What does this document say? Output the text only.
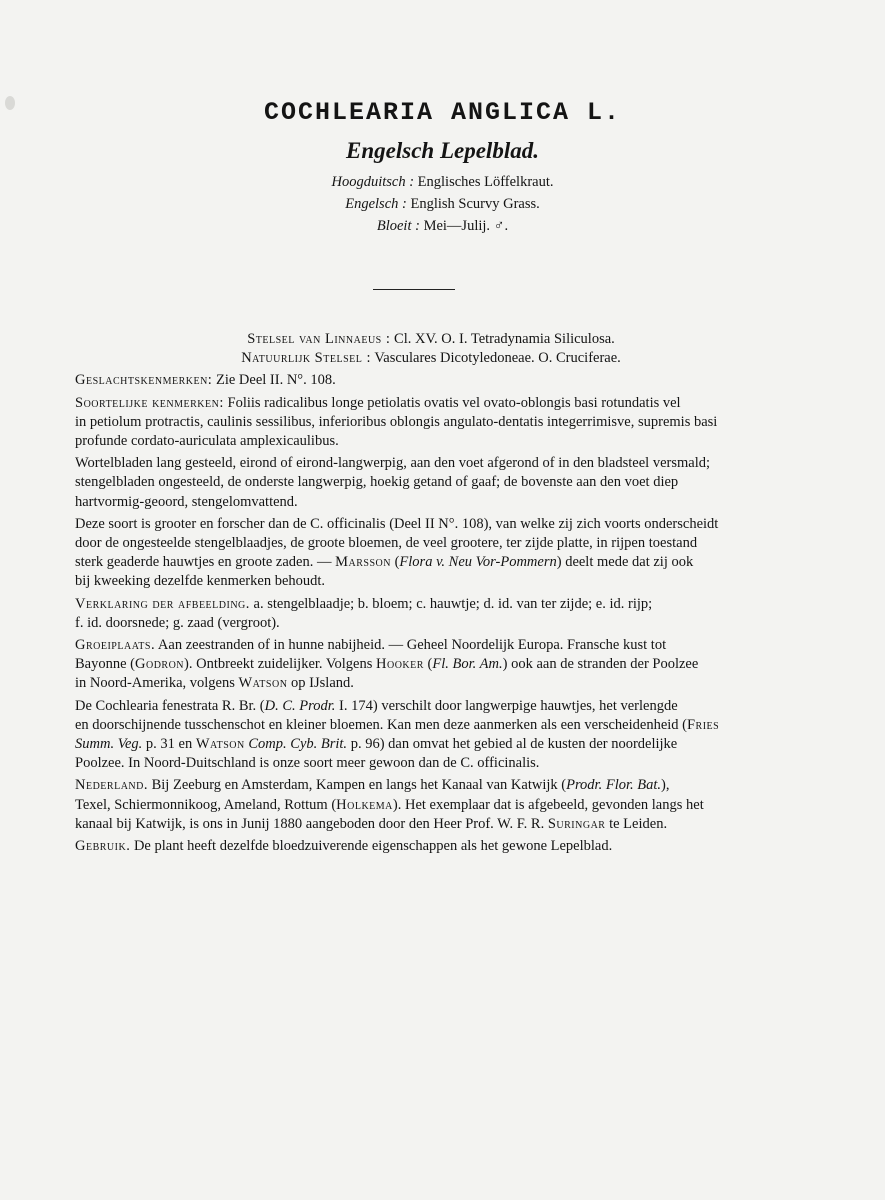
COCHLEARIA ANGLICA L.
Engelsch Lepelblad.
Hoogduitsch : Englisches Löffelkraut.
Engelsch : English Scurvy Grass.
Bloeit : Mei—Julij. ♂.
Stelsel van Linnaeus : Cl. XV. O. I. Tetradynamia Siliculosa.
Natuurlijk Stelsel : Vasculares Dicotyledoneae. O. Cruciferae.
Geslachtskenmerken: Zie Deel II. N°. 108.
Soortelijke kenmerken: Foliis radicalibus longe petiolatis ovatis vel ovato-oblongis basi rotundatis vel
in petiolum protractis, caulinis sessilibus, inferioribus oblongis angulato-dentatis integerrimisve, supremis basi
profunde cordato-auriculata amplexicaulibus.
Wortelbladen lang gesteeld, eirond of eirond-langwerpig, aan den voet afgerond of in den bladsteel versmald;
stengelbladen ongesteeld, de onderste langwerpig, hoekig getand of gaaf; de bovenste aan den voet diep
hartvormig-geoord, stengelomvattend.
Deze soort is grooter en forscher dan de C. officinalis (Deel II N°. 108), van welke zij zich voorts onderscheidt
door de ongesteelde stengelblaadjes, de groote bloemen, de veel grootere, ter zijde platte, in rijpen toestand
sterk geaderde hauwtjes en groote zaden. — Marsson (Flora v. Neu Vor-Pommern) deelt mede dat zij ook
bij kweeking dezelfde kenmerken behoudt.
Verklaring der afbeelding. a. stengelblaadje; b. bloem; c. hauwtje; d. id. van ter zijde; e. id. rijp;
f. id. doorsnede; g. zaad (vergroot).
Groeiplaats. Aan zeestranden of in hunne nabijheid. — Geheel Noordelijk Europa. Fransche kust tot
Bayonne (Godron). Ontbreekt zuidelijker. Volgens Hooker (Fl. Bor. Am.) ook aan de stranden der Poolzee
in Noord-Amerika, volgens Watson op IJsland.
De Cochlearia fenestrata R. Br. (D. C. Prodr. I. 174) verschilt door langwerpige hauwtjes, het verlengde
en doorschijnende tusschenschot en kleiner bloemen. Kan men deze aanmerken als een verscheidenheid (Fries
Summ. Veg. p. 31 en Watson Comp. Cyb. Brit. p. 96) dan omvat het gebied al de kusten der noordelijke
Poolzee. In Noord-Duitschland is onze soort meer gewoon dan de C. officinalis.
Nederland. Bij Zeeburg en Amsterdam, Kampen en langs het Kanaal van Katwijk (Prodr. Flor. Bat.),
Texel, Schiermonnikoog, Ameland, Rottum (Holkema). Het exemplaar dat is afgebeeld, gevonden langs het
kanaal bij Katwijk, is ons in Junij 1880 aangeboden door den Heer Prof. W. F. R. Suringar te Leiden.
Gebruik. De plant heeft dezelfde bloedzuiverende eigenschappen als het gewone Lepelblad.
